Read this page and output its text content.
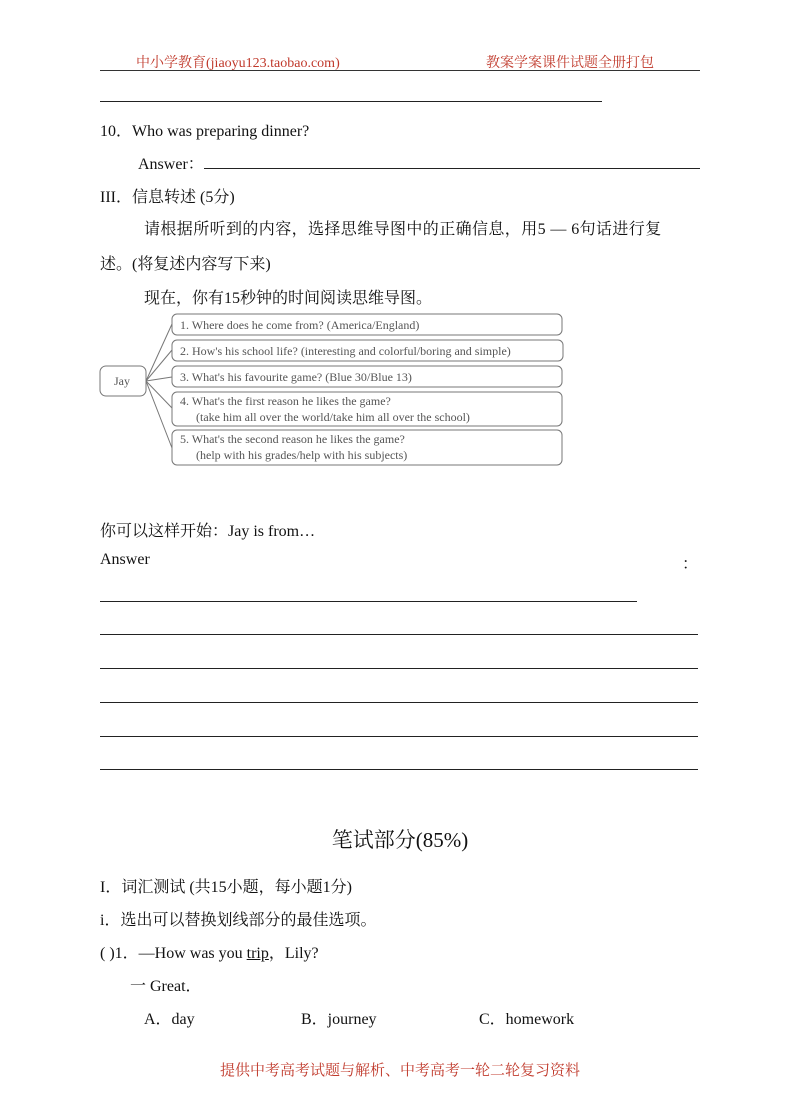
中小学教育(jiaoyu123.taobao.com)	教案学案课件试题全册打包
10．Who was preparing dinner?
Answer：
III．信息转述 (5分)
请根据所听到的内容，选择思维导图中的正确信息，用5 — 6句话进行复
述。(将复述内容写下来)
现在，你有15秒钟的时间阅读思维导图。
Jay
1. Where does he come from? (America/England)
2. How's his school life? (interesting and colorful/boring and simple)
3. What's his favourite game? (Blue 30/Blue 13)
4. What's the first reason he likes the game?
(take him all over the world/take him all over the school)
5. What's the second reason he likes the game?
(help with his grades/help with his subjects)
你可以这样开始：Jay is from…
Answer	：
笔试部分(85%)
I．词汇测试 (共15小题，每小题1分)
i．选出可以替换划线部分的最佳选项。
( )1．—How was you trip，Lily?
一 Great．
A．day	B．journey	C．homework
提供中考高考试题与解析、中考高考一轮二轮复习资料
